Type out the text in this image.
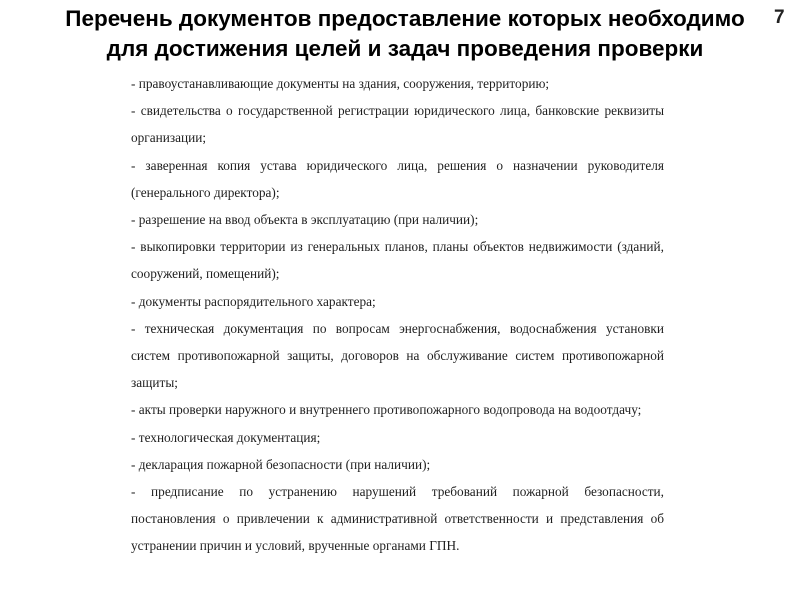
Перечень документов предоставление которых необходимо
для достижения целей и задач проведения проверки
7
- правоустанавливающие документы на здания, сооружения, территорию;
- свидетельства о государственной регистрации юридического лица, банковские реквизиты организации;
- заверенная копия устава юридического лица, решения о назначении руководителя (генерального директора);
- разрешение на ввод объекта в эксплуатацию (при наличии);
- выкопировки территории из генеральных планов, планы объектов недвижимости (зданий, сооружений, помещений);
- документы распорядительного характера;
- техническая документация по вопросам энергоснабжения, водоснабжения установки систем противопожарной защиты, договоров на обслуживание систем противопожарной защиты;
- акты проверки наружного и внутреннего противопожарного водопровода на водоотдачу;
- технологическая документация;
- декларация пожарной безопасности (при наличии);
- предписание по устранению нарушений требований пожарной безопасности, постановления о привлечении к административной ответственности и представления об устранении причин и условий, врученные органами ГПН.
